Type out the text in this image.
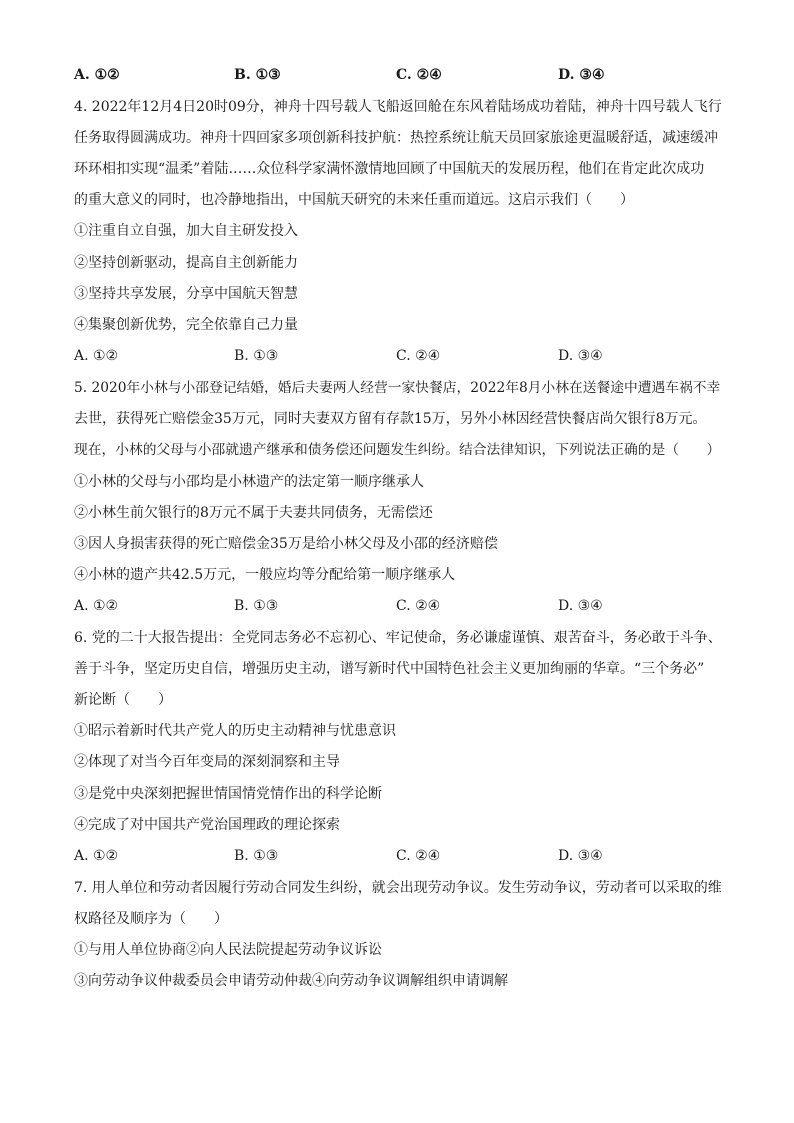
A. ①②	B. ①③	C. ②④	D. ③④
4. 2022年12月4日20时09分，神舟十四号载人飞船返回舱在东风着陆场成功着陆，神舟十四号载人飞行
任务取得圆满成功。神舟十四回家多项创新科技护航：热控系统让航天员回家旅途更温暖舒适，减速缓冲
环环相扣实现“温柔”着陆……众位科学家满怀激情地回顾了中国航天的发展历程，他们在肯定此次成功
的重大意义的同时，也冷静地指出，中国航天研究的未来任重而道远。这启示我们（　　）
①注重自立自强，加大自主研发投入
②坚持创新驱动，提高自主创新能力
③坚持共享发展，分享中国航天智慧
④集聚创新优势，完全依靠自己力量
A. ①②	B. ①③	C. ②④	D. ③④
5. 2020年小林与小邵登记结婚，婚后夫妻两人经营一家快餐店，2022年8月小林在送餐途中遭遇车祸不幸
去世，获得死亡赔偿金35万元，同时夫妻双方留有存款15万，另外小林因经营快餐店尚欠银行8万元。
现在，小林的父母与小邵就遗产继承和债务偿还问题发生纠纷。结合法律知识，下列说法正确的是（　　）
①小林的父母与小邵均是小林遗产的法定第一顺序继承人
②小林生前欠银行的8万元不属于夫妻共同债务，无需偿还
③因人身损害获得的死亡赔偿金35万是给小林父母及小邵的经济赔偿
④小林的遗产共42.5万元，一般应均等分配给第一顺序继承人
A. ①②	B. ①③	C. ②④	D. ③④
6. 党的二十大报告提出：全党同志务必不忘初心、牢记使命，务必谦虚谨慎、艰苦奋斗，务必敢于斗争、
善于斗争，坚定历史自信，增强历史主动，谱写新时代中国特色社会主义更加绚丽的华章。“三个务必”
新论断（　　）
①昭示着新时代共产党人的历史主动精神与忧患意识
②体现了对当今百年变局的深刻洞察和主导
③是党中央深刻把握世情国情党情作出的科学论断
④完成了对中国共产党治国理政的理论探索
A. ①②	B. ①③	C. ②④	D. ③④
7. 用人单位和劳动者因履行劳动合同发生纠纷，就会出现劳动争议。发生劳动争议，劳动者可以采取的维
权路径及顺序为（　　）
①与用人单位协商②向人民法院提起劳动争议诉讼
③向劳动争议仲裁委员会申请劳动仲裁④向劳动争议调解组织申请调解
